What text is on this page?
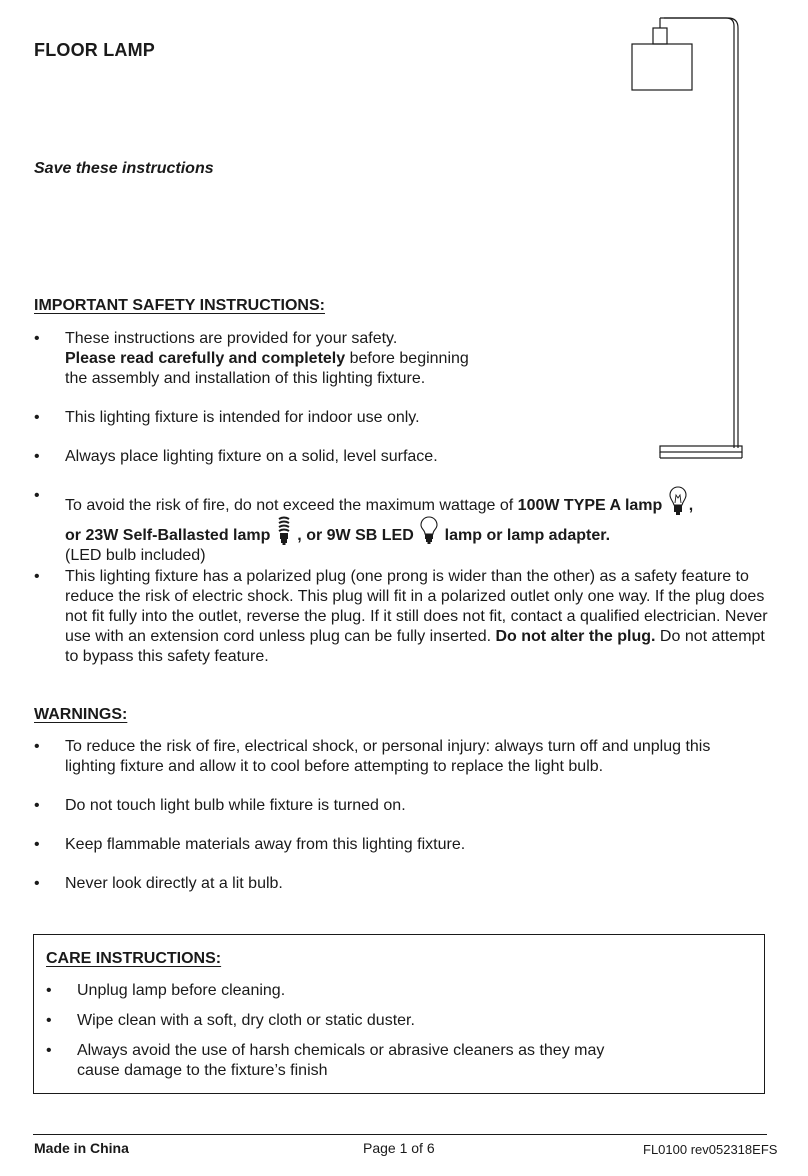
FLOOR LAMP
Save these instructions
IMPORTANT SAFETY INSTRUCTIONS:
•	These instructions are provided for your safety.
Please read carefully and completely before beginning
the assembly and installation of this lighting fixture.
•	This lighting fixture is intended for indoor use only.
•	Always place lighting fixture on a solid, level surface.
•
To avoid the risk of fire, do not exceed the maximum wattage of 100W TYPE A lamp ,
or 23W Self-Ballasted lamp , or 9W SB LED lamp or lamp adapter.
(LED bulb included)
•	This lighting fixture has a polarized plug (one prong is wider than the other) as a safety feature to reduce the risk of electric shock. This plug will fit in a polarized outlet only one way. If the plug does not fit fully into the outlet, reverse the plug. If it still does not fit, contact a qualified electrician. Never use with an extension cord unless plug can be fully inserted. Do not alter the plug. Do not attempt to bypass this safety feature.
WARNINGS:
•	To reduce the risk of fire, electrical shock, or personal injury: always turn off and unplug this lighting fixture and allow it to cool before attempting to replace the light bulb.
•	Do not touch light bulb while fixture is turned on.
•	Keep flammable materials away from this lighting fixture.
•	Never look directly at a lit bulb.
CARE INSTRUCTIONS:
•	Unplug lamp before cleaning.
•	Wipe clean with a soft, dry cloth or static duster.
•	Always avoid the use of harsh chemicals or abrasive cleaners as they may cause damage to the fixture’s finish
Made in China	Page 1 of 6	FL0100 rev052318EFS
